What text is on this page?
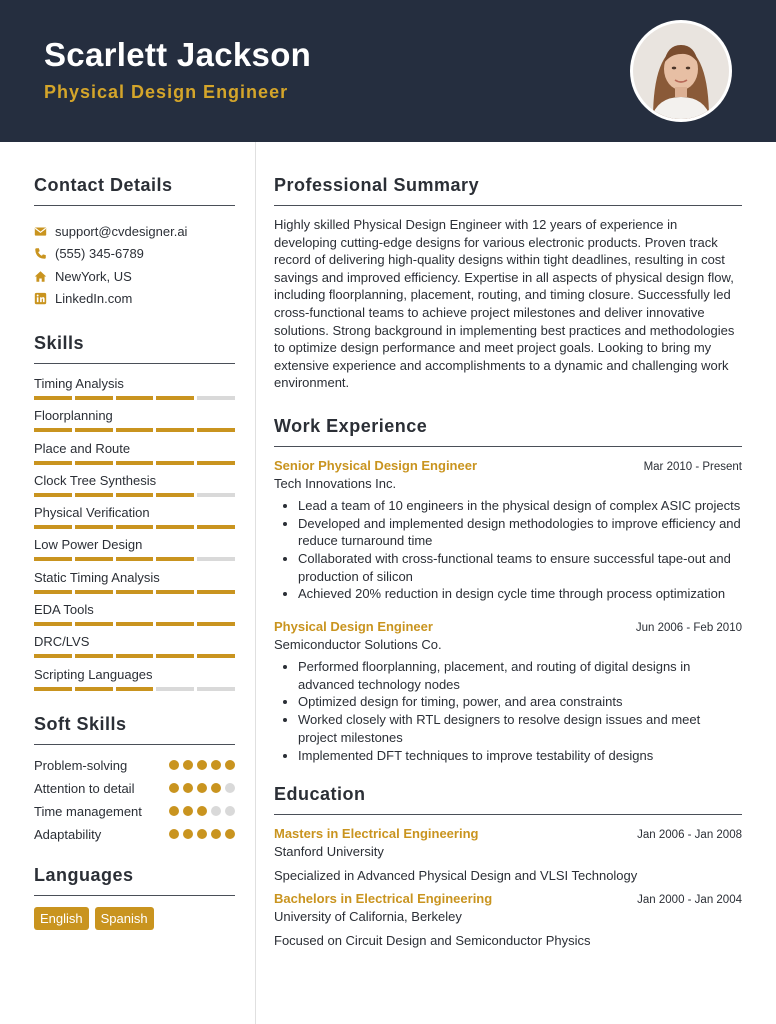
Scarlett Jackson
Physical Design Engineer
Contact Details
support@cvdesigner.ai
(555) 345-6789
NewYork, US
LinkedIn.com
Skills
Timing Analysis
Floorplanning
Place and Route
Clock Tree Synthesis
Physical Verification
Low Power Design
Static Timing Analysis
EDA Tools
DRC/LVS
Scripting Languages
Soft Skills
Problem-solving
Attention to detail
Time management
Adaptability
Languages
English	Spanish
Professional Summary

Highly skilled Physical Design Engineer with 12 years of experience in developing cutting-edge designs for various electronic products. Proven track record of delivering high-quality designs within tight deadlines, resulting in cost savings and improved efficiency. Expertise in all aspects of physical design flow, including floorplanning, placement, routing, and timing closure. Successfully led cross-functional teams to achieve project milestones and deliver innovative solutions. Strong background in implementing best practices and methodologies to optimize design performance and meet project goals. Looking to bring my extensive experience and accomplishments to a dynamic and challenging work environment.

Work Experience
Senior Physical Design Engineer	Mar 2010 - Present
Tech Innovations Inc.
• Lead a team of 10 engineers in the physical design of complex ASIC projects
• Developed and implemented design methodologies to improve efficiency and reduce turnaround time
• Collaborated with cross-functional teams to ensure successful tape-out and production of silicon
• Achieved 20% reduction in design cycle time through process optimization
Physical Design Engineer	Jun 2006 - Feb 2010
Semiconductor Solutions Co.
• Performed floorplanning, placement, and routing of digital designs in advanced technology nodes
• Optimized design for timing, power, and area constraints
• Worked closely with RTL designers to resolve design issues and meet project milestones
• Implemented DFT techniques to improve testability of designs
Education
Masters in Electrical Engineering	Jan 2006 - Jan 2008
Stanford University
Specialized in Advanced Physical Design and VLSI Technology
Bachelors in Electrical Engineering	Jan 2000 - Jan 2004
University of California, Berkeley
Focused on Circuit Design and Semiconductor Physics
